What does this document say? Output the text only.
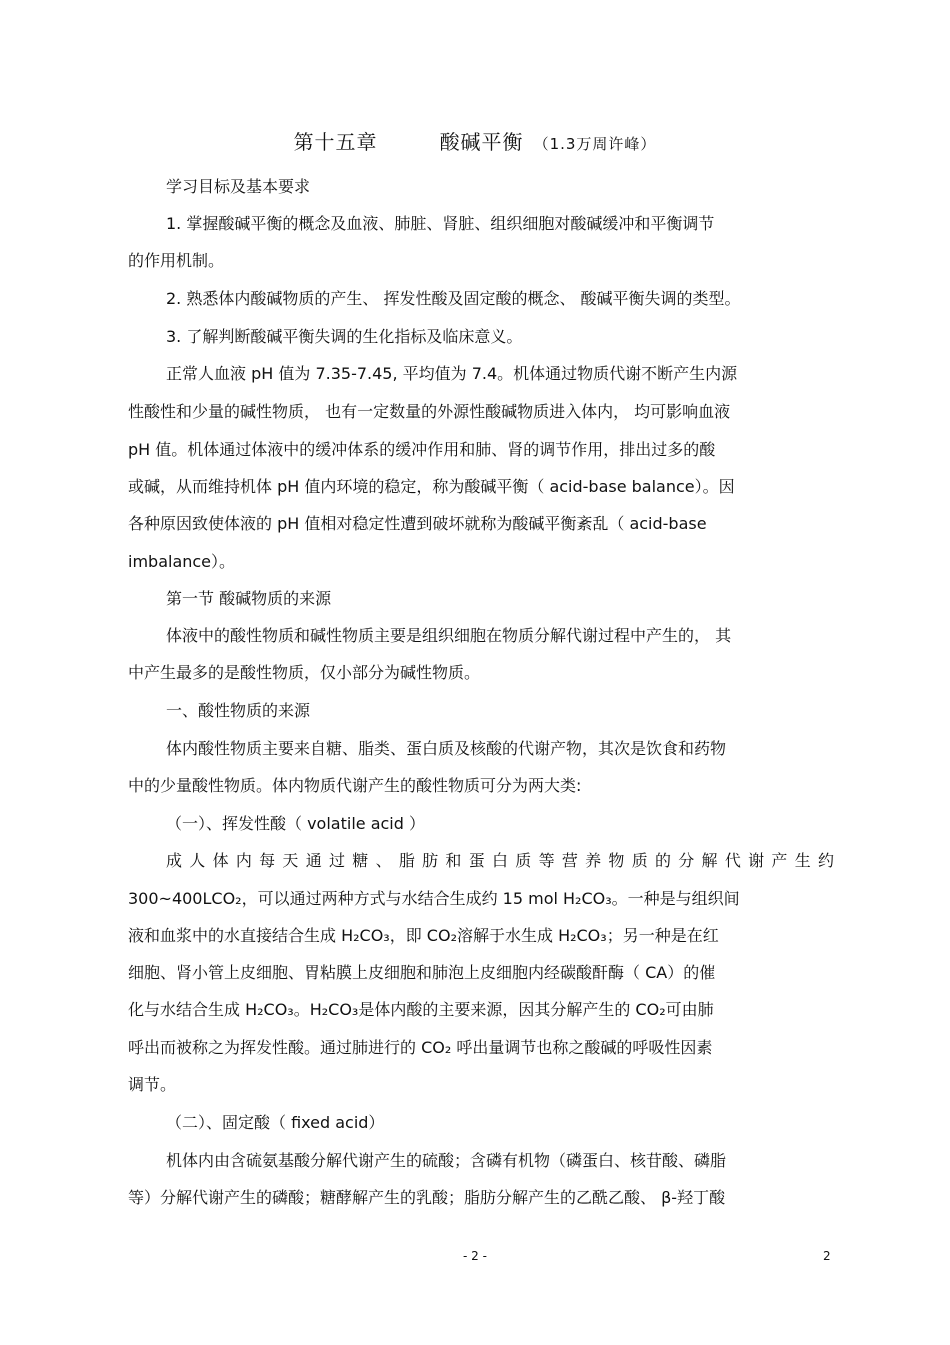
第十五章	酸碱平衡 （1.3万周许峰）
学习目标及基本要求
1. 掌握酸碱平衡的概念及血液、肺脏、肾脏、组织细胞对酸碱缓冲和平衡调节
的作用机制。
2. 熟悉体内酸碱物质的产生、 挥发性酸及固定酸的概念、 酸碱平衡失调的类型。
3. 了解判断酸碱平衡失调的生化指标及临床意义。
正常人血液 pH 值为 7.35-7.45, 平均值为 7.4。机体通过物质代谢不断产生内源
性酸性和少量的碱性物质， 也有一定数量的外源性酸碱物质进入体内， 均可影响血液
pH 值。机体通过体液中的缓冲体系的缓冲作用和肺、肾的调节作用，排出过多的酸
或碱，从而维持机体 pH 值内环境的稳定，称为酸碱平衡（ acid-base balance）。因
各种原因致使体液的 pH 值相对稳定性遭到破坏就称为酸碱平衡紊乱（ acid-base
imbalance）。
第一节 酸碱物质的来源
体液中的酸性物质和碱性物质主要是组织细胞在物质分解代谢过程中产生的， 其
中产生最多的是酸性物质，仅小部分为碱性物质。
一、酸性物质的来源
体内酸性物质主要来自糖、脂类、蛋白质及核酸的代谢产物，其次是饮食和药物
中的少量酸性物质。体内物质代谢产生的酸性物质可分为两大类:
（一）、挥发性酸（ volatile acid ）
成人体内每天通过糖、脂肪和蛋白质等营养物质的分解代谢产生约
300~400LCO₂，可以通过两种方式与水结合生成约 15 mol H₂CO₃。一种是与组织间
液和血浆中的水直接结合生成 H₂CO₃，即 CO₂溶解于水生成 H₂CO₃；另一种是在红
细胞、肾小管上皮细胞、胃粘膜上皮细胞和肺泡上皮细胞内经碳酸酐酶（ CA）的催
化与水结合生成 H₂CO₃。H₂CO₃是体内酸的主要来源，因其分解产生的 CO₂可由肺
呼出而被称之为挥发性酸。通过肺进行的 CO₂ 呼出量调节也称之酸碱的呼吸性因素
调节。
（二）、固定酸（ fixed acid）
机体内由含硫氨基酸分解代谢产生的硫酸；含磷有机物（磷蛋白、核苷酸、磷脂
等）分解代谢产生的磷酸；糖酵解产生的乳酸；脂肪分解产生的乙酰乙酸、 β-羟丁酸
- 2 -	2
